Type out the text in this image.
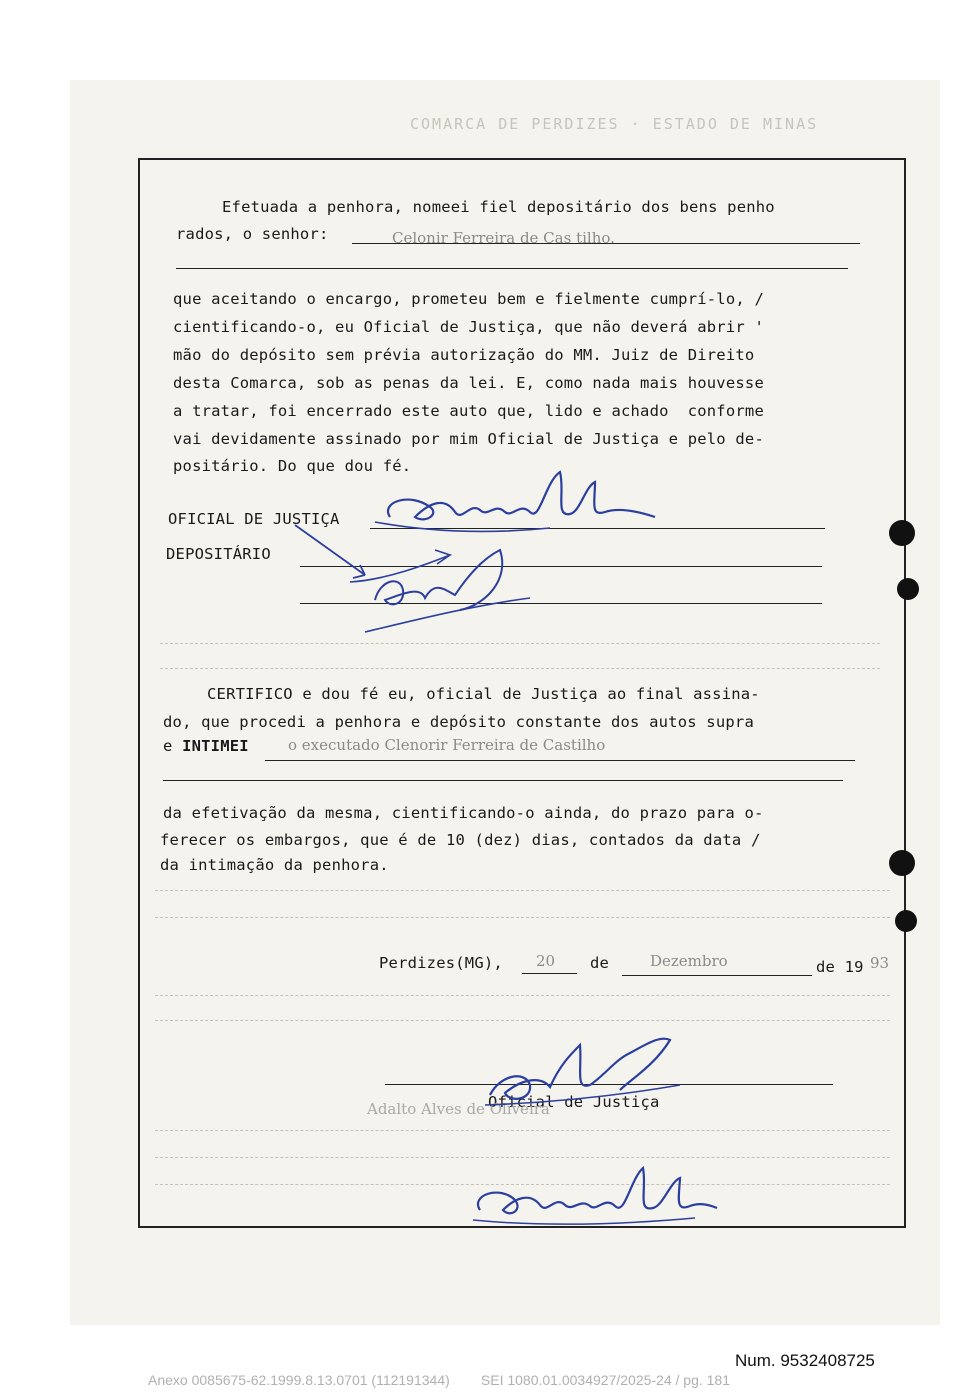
COMARCA DE PERDIZES · ESTADO DE MINAS
Efetuada a penhora, nomeei fiel depositário dos bens penho
rados, o senhor:	Celonir Ferreira de Cas tilho.
que aceitando o encargo, prometeu bem e fielmente cumprí-lo, /
cientificando-o, eu Oficial de Justiça, que não deverá abrir '
mão do depósito sem prévia autorização do MM. Juiz de Direito
desta Comarca, sob as penas da lei. E, como nada mais houvesse
a tratar, foi encerrado este auto que, lido e achado  conforme
vai devidamente assinado por mim Oficial de Justiça e pelo de-
positário. Do que dou fé.
OFICIAL DE JUSTIÇA
DEPOSITÁRIO
CERTIFICO e dou fé eu, oficial de Justiça ao final assina-
do, que procedi a penhora e depósito constante dos autos supra
e INTIMEI	o executado Clenorir Ferreira de Castilho
da efetivação da mesma, cientificando-o ainda, do prazo para o-
ferecer os embargos, que é de 10 (dez) dias, contados da data /
da intimação da penhora.
Perdizes(MG), 20 de	Dezembro	de 19 93
Oficial de Justiça
Adalto Alves de Oliveira
Num. 9532408725
Anexo 0085675-62.1999.8.13.0701 (112191344)        SEI 1080.01.0034927/2025-24 / pg. 181
